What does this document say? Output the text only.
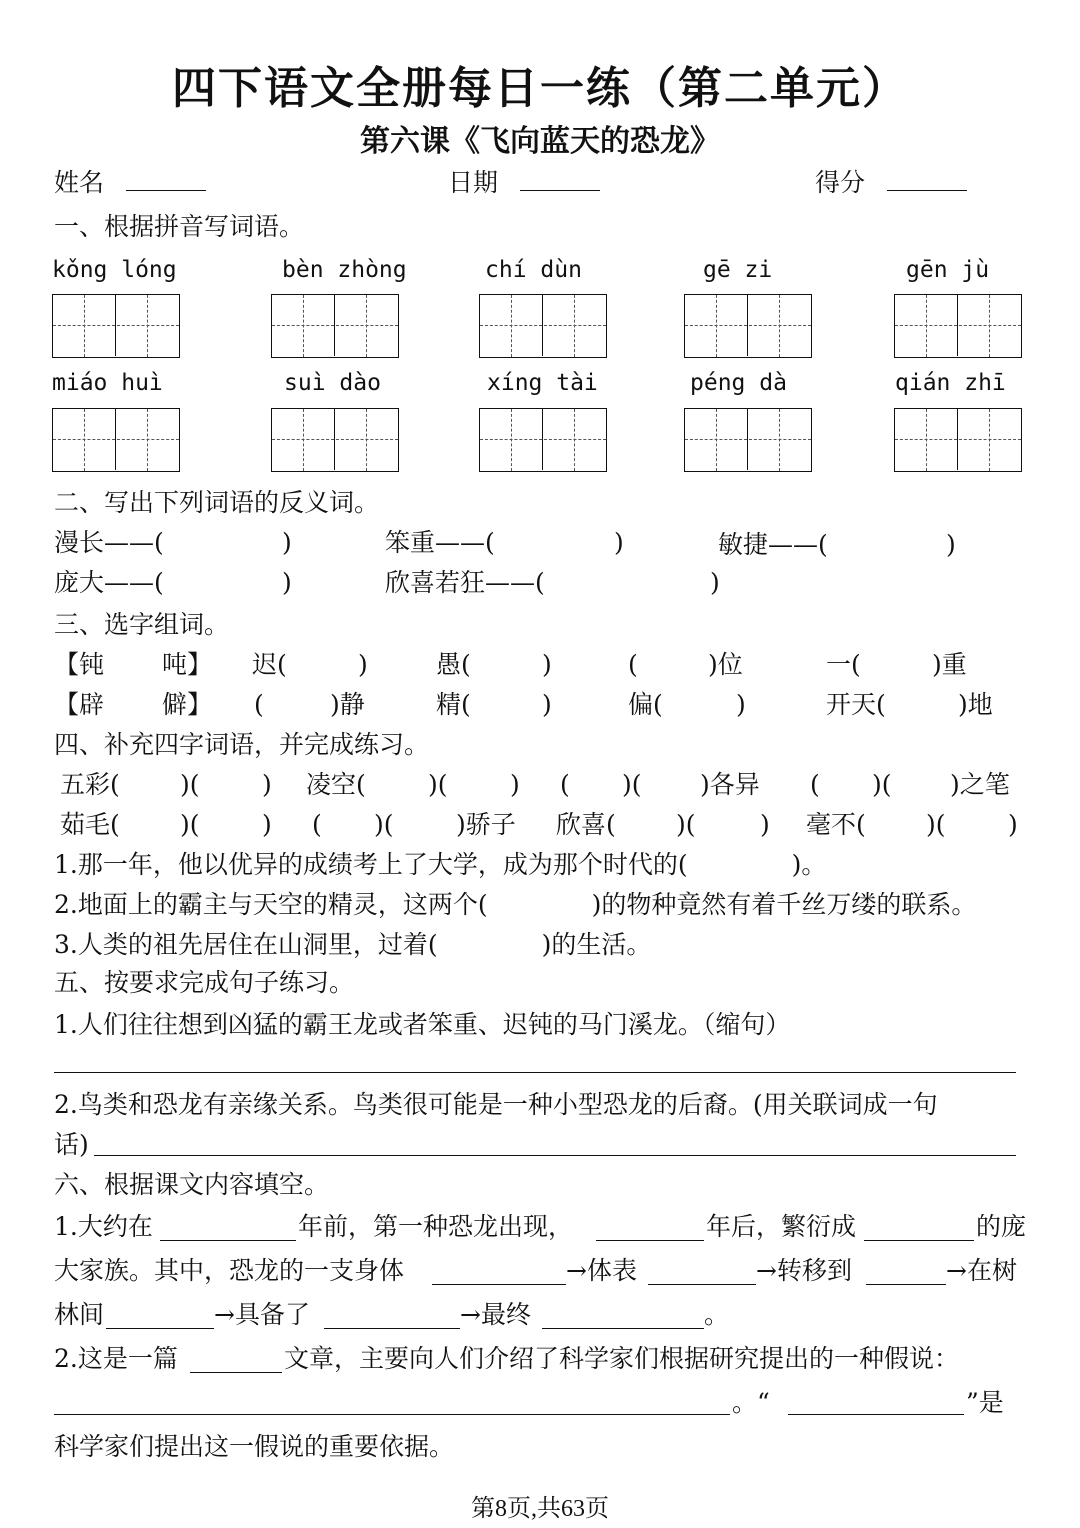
四下语文全册每日一练（第二单元）
第六课《飞向蓝天的恐龙》
姓名	日期	得分
一、根据拼音写词语。
kǒng lóng	bèn zhòng	chí dùn	gē zi	gēn jù
miáo huì	suì dào	xíng tài	péng dà	qián zhī
二、写出下列词语的反义词。
漫长——(	)	笨重——(	)	敏捷——(	)
庞大——(	)	欣喜若狂——(	)
三、选字组词。
【钝 吨】 迟(	)	愚(	)	(	)位	一(	)重
【辟 僻】 (	)静	精(	)	偏(	)	开天(	)地
四、补充四字词语，并完成练习。
五彩( )( ) 凌空( )( ) ( )( )各异 ( )( )之笔
茹毛( )( ) ( )( )骄子 欣喜( )(	) 毫不( )( )
1.那一年，他以优异的成绩考上了大学，成为那个时代的(	)。
2.地面上的霸主与天空的精灵，这两个(	)的物种竟然有着千丝万缕的联系。
3.人类的祖先居住在山洞里，过着(	)的生活。
五、按要求完成句子练习。
1.人们往往想到凶猛的霸王龙或者笨重、迟钝的马门溪龙。（缩句）
2.鸟类和恐龙有亲缘关系。鸟类很可能是一种小型恐龙的后裔。(用关联词成一句
话)
六、根据课文内容填空。
1.大约在	年前，第一种恐龙出现，	年后，繁衍成	的庞
大家族。其中，恐龙的一支身体	→体表	→转移到	→在树
林间	→具备了	→最终	。
2.这是一篇	文章，主要向人们介绍了科学家们根据研究提出的一种假说：
。“	”是
科学家们提出这一假说的重要依据。
第8页,共63页
